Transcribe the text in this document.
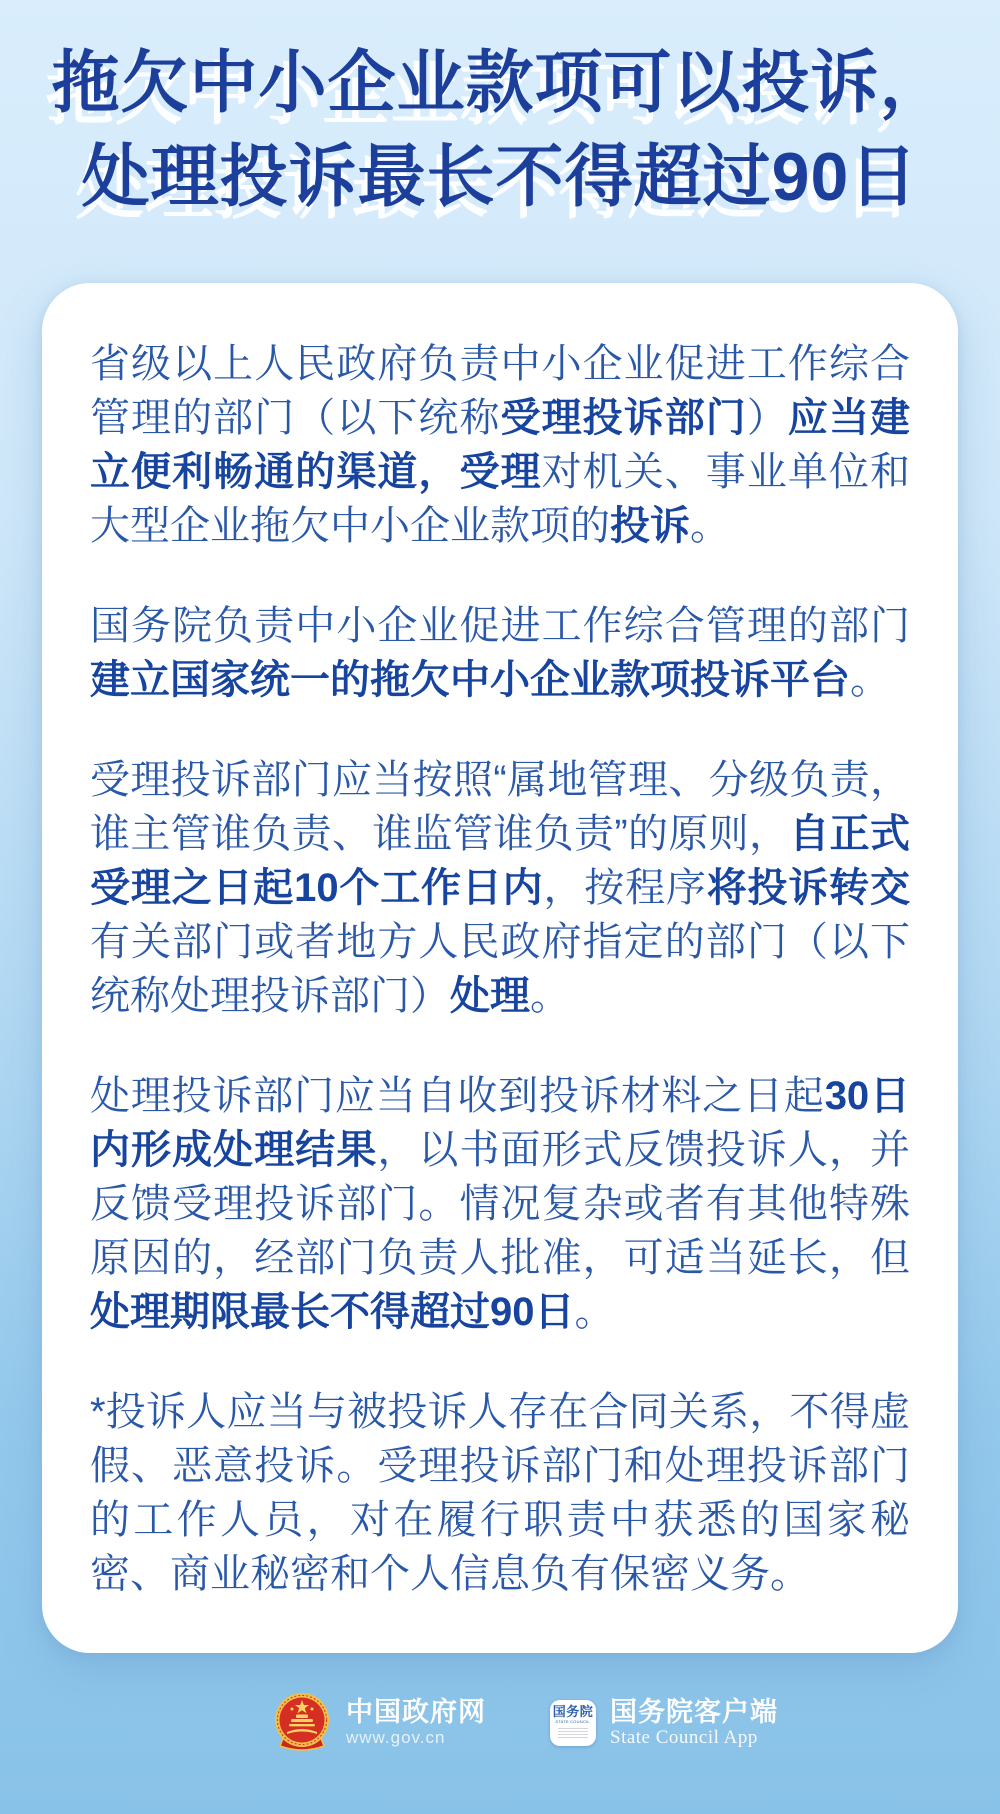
拖欠中小企业款项可以投诉，
处理投诉最长不得超过90日

省级以上人民政府负责中小企业促进工作综合管理的部门（以下统称受理投诉部门）应当建立便利畅通的渠道，受理对机关、事业单位和大型企业拖欠中小企业款项的投诉。

国务院负责中小企业促进工作综合管理的部门建立国家统一的拖欠中小企业款项投诉平台。

受理投诉部门应当按照“属地管理、分级负责，谁主管谁负责、谁监管谁负责”的原则，自正式受理之日起10个工作日内，按程序将投诉转交有关部门或者地方人民政府指定的部门（以下统称处理投诉部门）处理。

处理投诉部门应当自收到投诉材料之日起30日内形成处理结果，以书面形式反馈投诉人，并反馈受理投诉部门。情况复杂或者有其他特殊原因的，经部门负责人批准，可适当延长，但处理期限最长不得超过90日。

*投诉人应当与被投诉人存在合同关系，不得虚假、恶意投诉。受理投诉部门和处理投诉部门的工作人员，对在履行职责中获悉的国家秘密、商业秘密和个人信息负有保密义务。

中国政府网
www.gov.cn
国务院
STATE COUNCIL 国务院客户端
State Council App
